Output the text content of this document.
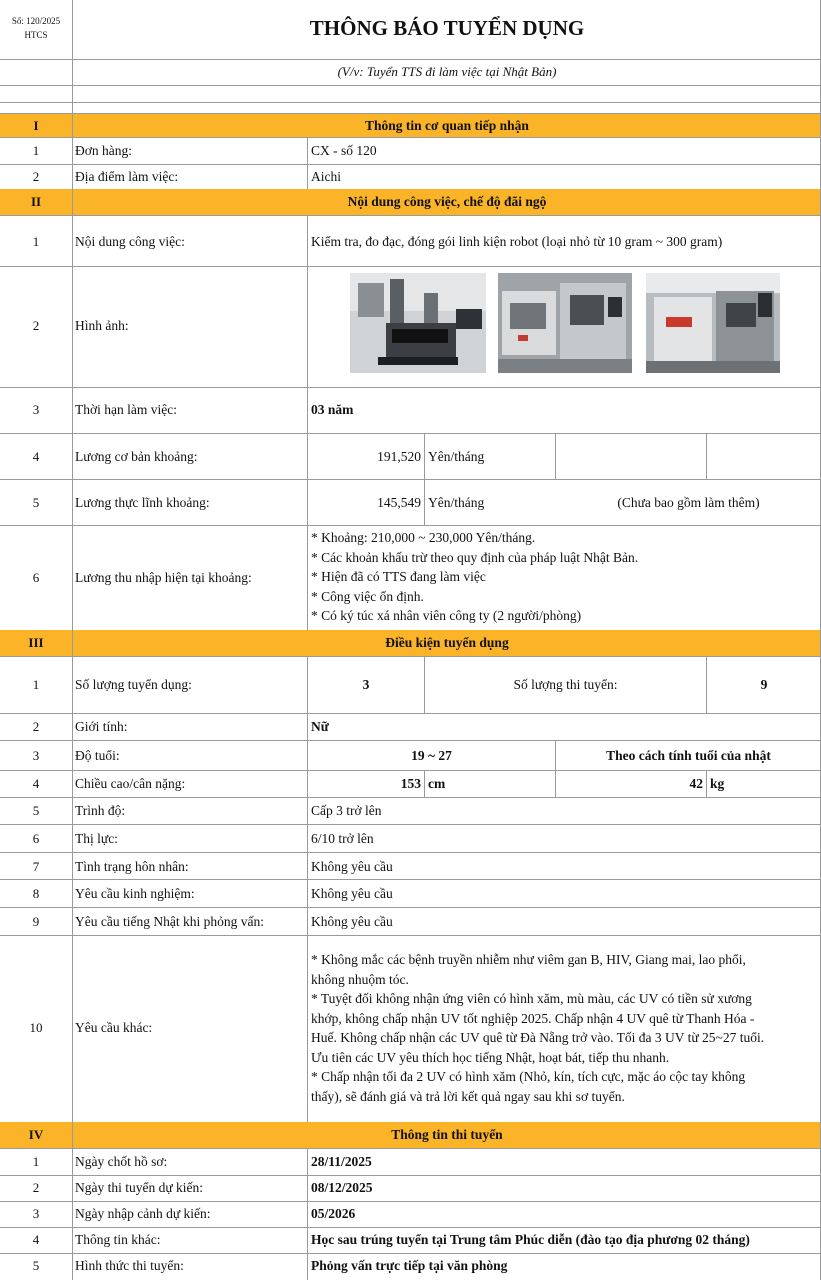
Số: 120/2025
HTCS	THÔNG BÁO TUYỂN DỤNG
(V/v: Tuyển TTS đi làm việc tại Nhật Bản)
I	Thông tin cơ quan tiếp nhận
1	Đơn hàng:	CX - số 120
2	Địa điểm làm việc:	Aichi
II	Nội dung công việc, chế độ đãi ngộ
1	Nội dung công việc:	Kiểm tra, đo đạc, đóng gói linh kiện robot (loại nhỏ từ 10 gram ~ 300 gram)
2	Hình ảnh:
3	Thời hạn làm việc:	03 năm
4	Lương cơ bản khoảng:	191,520 Yên/tháng
5	Lương thực lĩnh khoảng:	145,549 Yên/tháng	(Chưa bao gồm làm thêm)
6	Lương thu nhập hiện tại khoảng:
* Khoảng: 210,000 ~ 230,000 Yên/tháng.
* Các khoản khấu trừ theo quy định của pháp luật Nhật Bản.
* Hiện đã có TTS đang làm việc
* Công việc ổn định.
* Có ký túc xá nhân viên công ty (2 người/phòng)
III	Điều kiện tuyển dụng
1	Số lượng tuyển dụng:	3	Số lượng thi tuyển:	9
2	Giới tính:	Nữ
3	Độ tuổi:	19 ~ 27	Theo cách tính tuổi của nhật
4	Chiều cao/cân nặng:	153 cm	42 kg
5	Trình độ:	Cấp 3 trở lên
6	Thị lực:	6/10 trở lên
7	Tình trạng hôn nhân:	Không yêu cầu
8	Yêu cầu kinh nghiệm:	Không yêu cầu
9	Yêu cầu tiếng Nhật khi phỏng vấn:	Không yêu cầu
10	Yêu cầu khác:
* Không mắc các bệnh truyền nhiễm như viêm gan B, HIV, Giang mai, lao phổi,
không nhuộm tóc.
* Tuyệt đối không nhận ứng viên có hình xăm, mù màu, các UV có tiền sử xương
khớp, không chấp nhận UV tốt nghiệp 2025. Chấp nhận 4 UV quê từ Thanh Hóa -
Huế. Không chấp nhận các UV quê từ Đà Nẵng trở vào. Tối đa 3 UV từ 25~27 tuổi.
Ưu tiên các UV yêu thích học tiếng Nhật, hoạt bát, tiếp thu nhanh.
* Chấp nhận tối đa 2 UV có hình xăm (Nhỏ, kín, tích cực, mặc áo cộc tay không
thấy), sẽ đánh giá và trả lời kết quả ngay sau khi sơ tuyển.
IV	Thông tin thi tuyển
1	Ngày chốt hồ sơ:	28/11/2025
2	Ngày thi tuyển dự kiến:	08/12/2025
3	Ngày nhập cảnh dự kiến:	05/2026
4	Thông tin khác:	Học sau trúng tuyển tại Trung tâm Phúc diễn (đào tạo địa phương 02 tháng)
5	Hình thức thi tuyển:	Phỏng vấn trực tiếp tại văn phòng
